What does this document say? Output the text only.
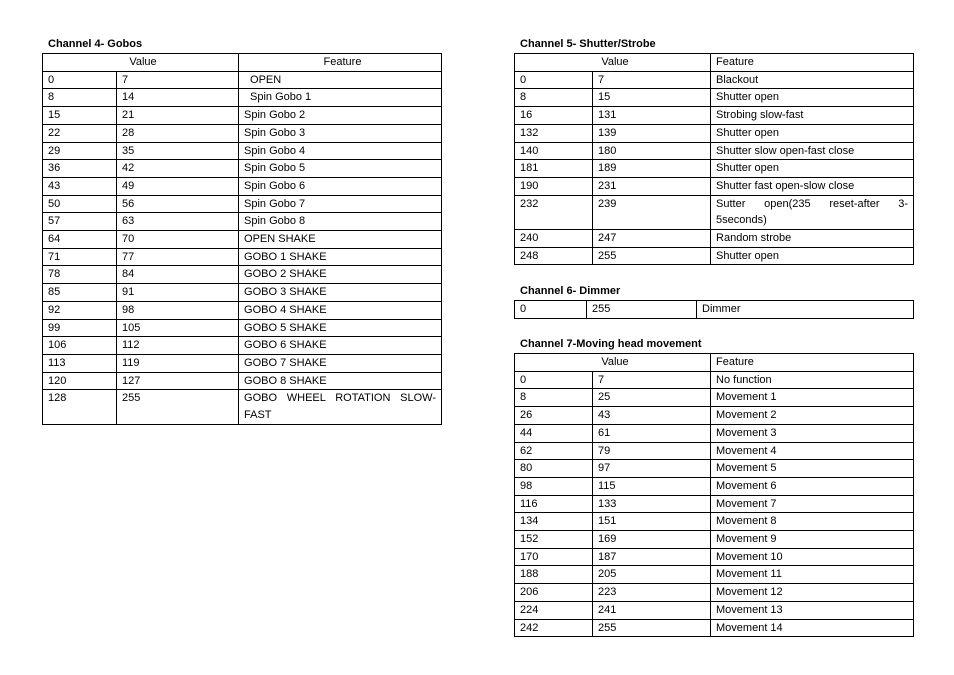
Channel 4- Gobos
Value		Feature
0	7	OPEN
8	14	Spin Gobo 1
15	21	Spin Gobo 2
22	28	Spin Gobo 3
29	35	Spin Gobo 4
36	42	Spin Gobo 5
43	49	Spin Gobo 6
50	56	Spin Gobo 7
57	63	Spin Gobo 8
64	70	OPEN SHAKE
71	77	GOBO 1 SHAKE
78	84	GOBO 2 SHAKE
85	91	GOBO 3 SHAKE
92	98	GOBO 4 SHAKE
99	105	GOBO 5 SHAKE
106	112	GOBO 6 SHAKE
113	119	GOBO 7 SHAKE
120	127	GOBO 8 SHAKE
128	255	GOBO WHEEL ROTATION SLOW-FAST
Channel 5- Shutter/Strobe
Value		Feature
0	7	Blackout
8	15	Shutter open
16	131	Strobing slow-fast
132	139	Shutter open
140	180	Shutter slow open-fast close
181	189	Shutter open
190	231	Shutter fast open-slow close
232	239	Sutter open(235 reset-after 3-5seconds)
240	247	Random strobe
248	255	Shutter open
Channel 6- Dimmer
0	255	Dimmer
Channel 7-Moving head movement
Value		Feature
0	7	No function
8	25	Movement 1
26	43	Movement 2
44	61	Movement 3
62	79	Movement 4
80	97	Movement 5
98	115	Movement 6
116	133	Movement 7
134	151	Movement 8
152	169	Movement 9
170	187	Movement 10
188	205	Movement 11
206	223	Movement 12
224	241	Movement 13
242	255	Movement 14
